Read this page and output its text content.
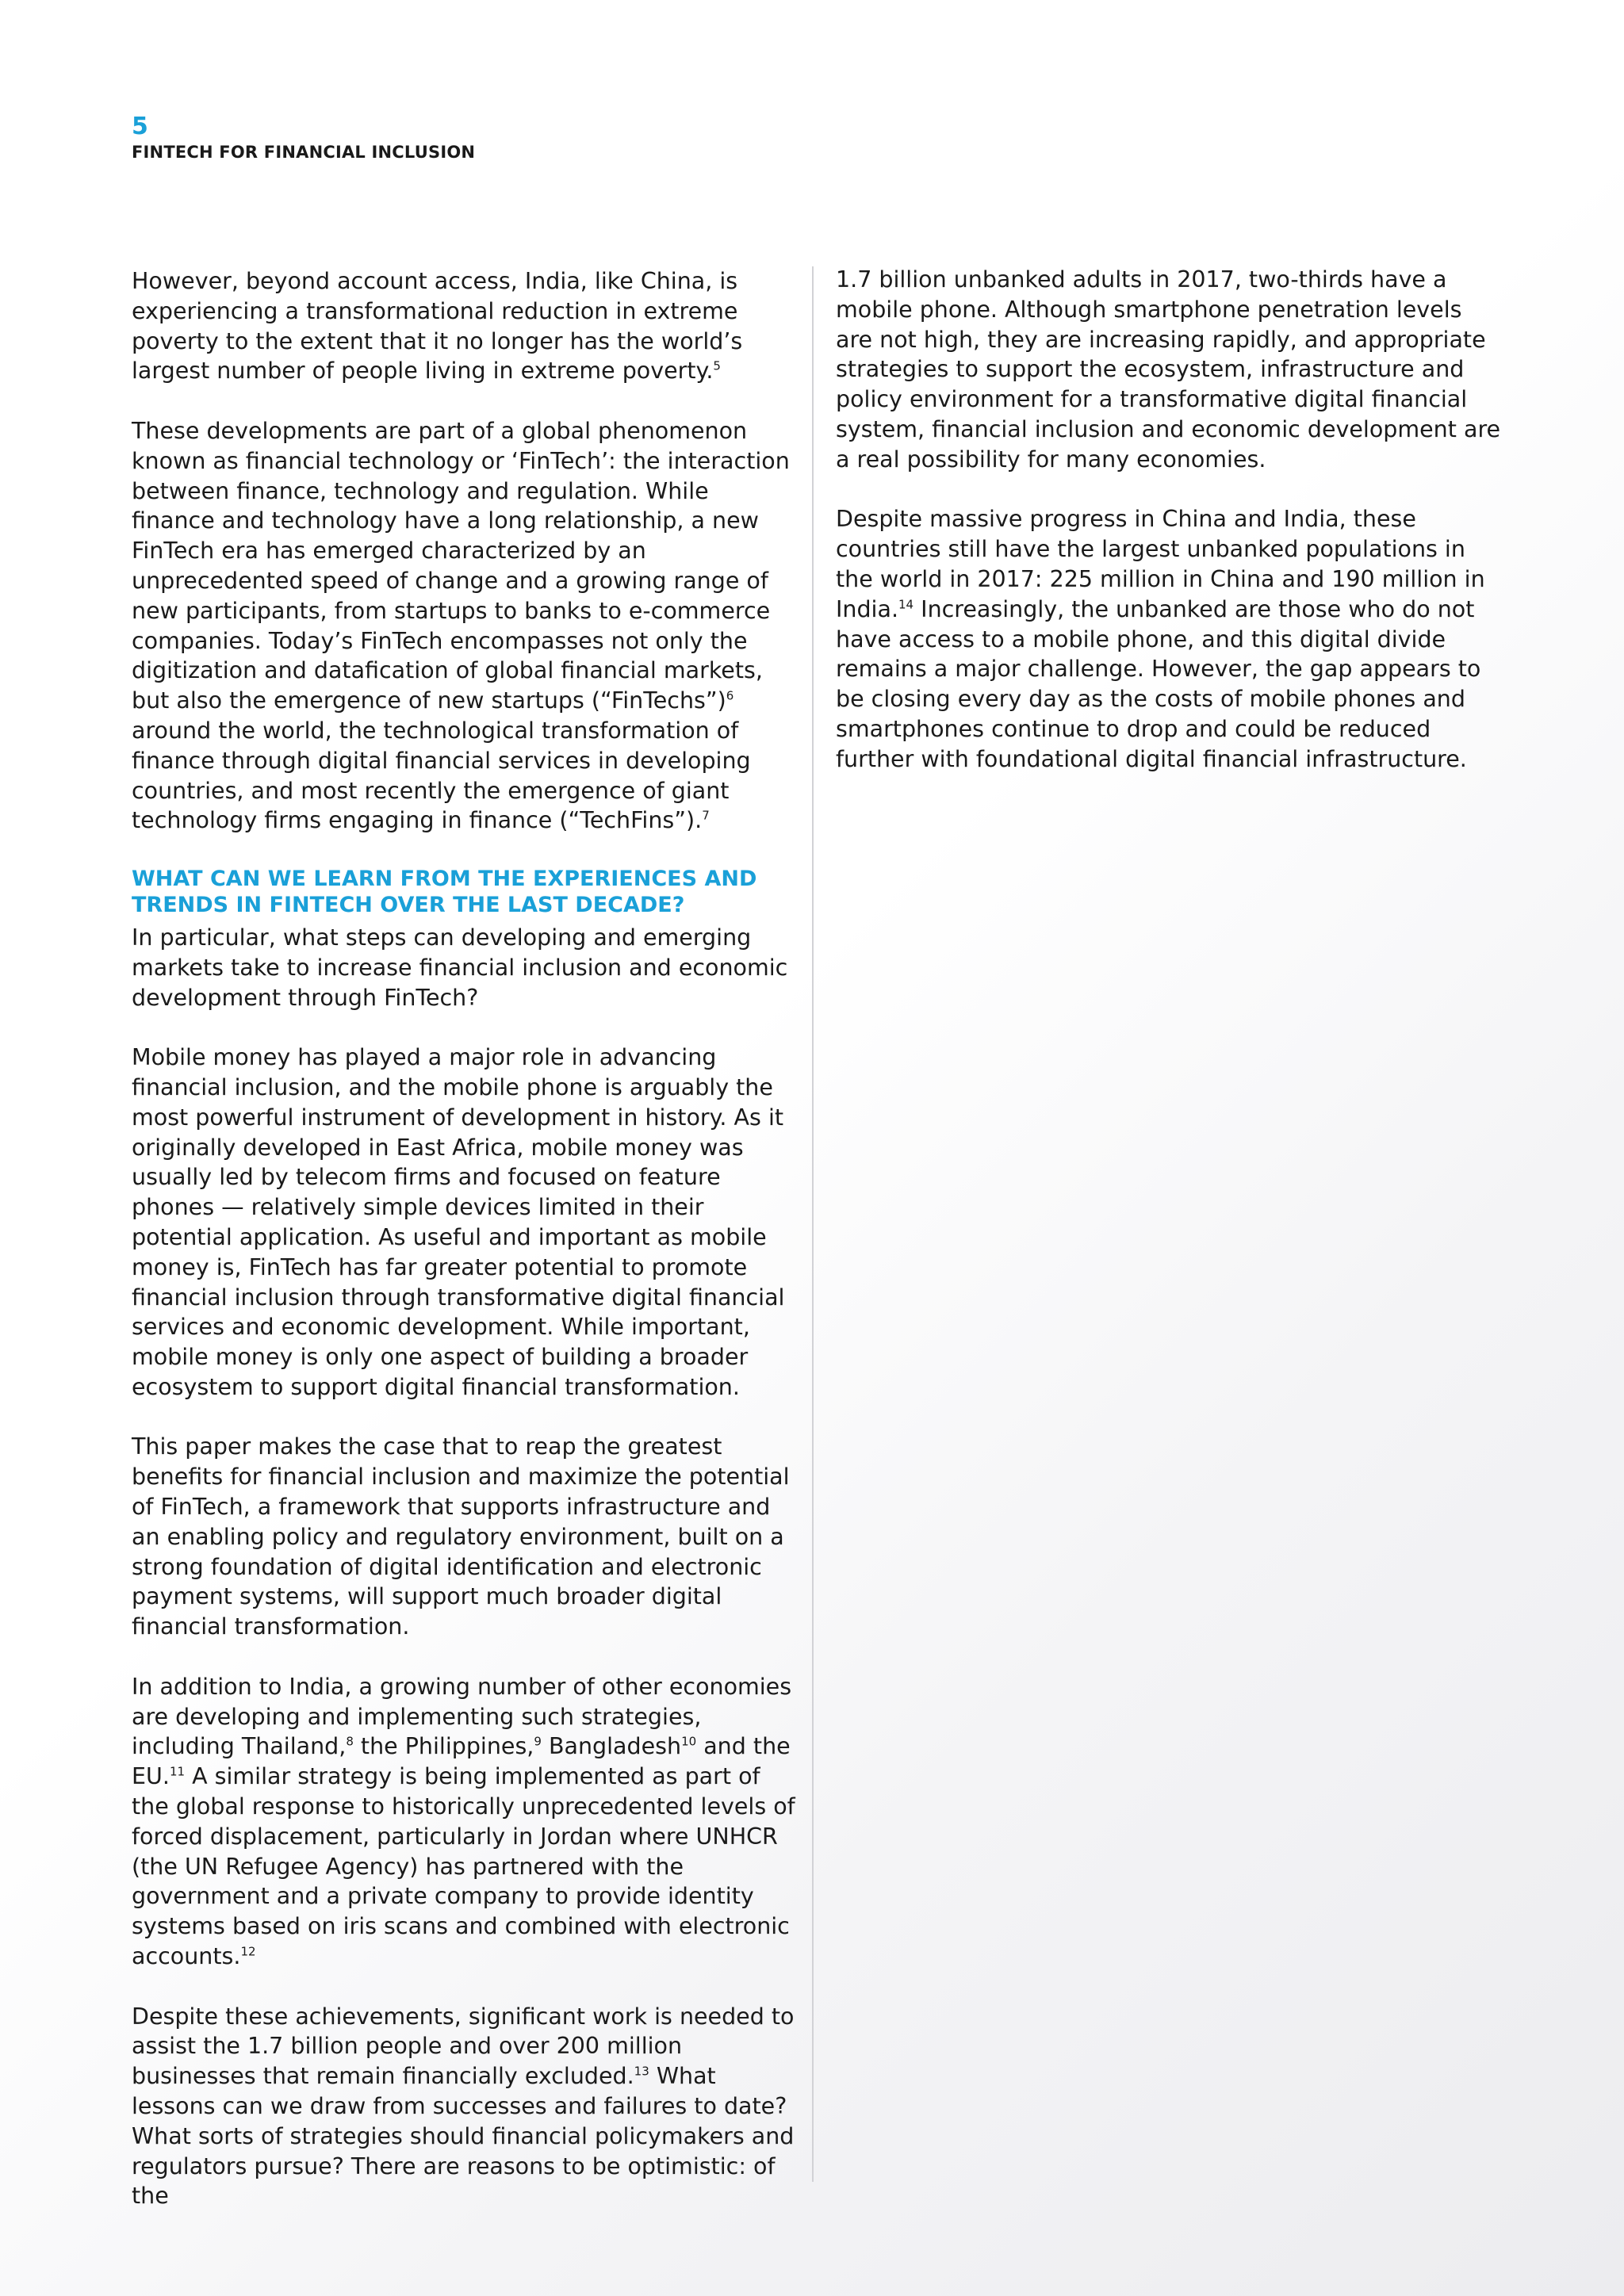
5
FINTECH FOR FINANCIAL INCLUSION

However, beyond account access, India, like China, is experiencing a transformational reduction in extreme poverty to the extent that it no longer has the world’s largest number of people living in extreme poverty.$^5$

These developments are part of a global phenomenon known as financial technology or ‘FinTech’: the interaction between finance, technology and regulation. While finance and technology have a long relationship, a new FinTech era has emerged characterized by an unprecedented speed of change and a growing range of new participants, from startups to banks to e-commerce companies. Today’s FinTech encompasses not only the digitization and datafication of global financial markets, but also the emergence of new startups (“FinTechs”)$^6$ around the world, the technological transformation of finance through digital financial services in developing countries, and most recently the emergence of giant technology firms engaging in finance (“TechFins”).$^7$

WHAT CAN WE LEARN FROM THE EXPERIENCES AND TRENDS IN FINTECH OVER THE LAST DECADE?

In particular, what steps can developing and emerging markets take to increase financial inclusion and economic development through FinTech?

Mobile money has played a major role in advancing financial inclusion, and the mobile phone is arguably the most powerful instrument of development in history. As it originally developed in East Africa, mobile money was usually led by telecom firms and focused on feature phones — relatively simple devices limited in their potential application. As useful and important as mobile money is, FinTech has far greater potential to promote financial inclusion through transformative digital financial services and economic development. While important, mobile money is only one aspect of building a broader ecosystem to support digital financial transformation.

This paper makes the case that to reap the greatest benefits for financial inclusion and maximize the potential of FinTech, a framework that supports infrastructure and an enabling policy and regulatory environment, built on a strong foundation of digital identification and electronic payment systems, will support much broader digital financial transformation.

In addition to India, a growing number of other economies are developing and implementing such strategies, including Thailand,$^8$ the Philippines,$^9$ Bangladesh$^{10}$ and the EU.$^{11}$ A similar strategy is being implemented as part of the global response to historically unprecedented levels of forced displacement, particularly in Jordan where UNHCR (the UN Refugee Agency) has partnered with the government and a private company to provide identity systems based on iris scans and combined with electronic accounts.$^{12}$

Despite these achievements, significant work is needed to assist the 1.7 billion people and over 200 million businesses that remain financially excluded.$^{13}$ What lessons can we draw from successes and failures to date? What sorts of strategies should financial policymakers and regulators pursue? There are reasons to be optimistic: of the

1.7 billion unbanked adults in 2017, two-thirds have a mobile phone. Although smartphone penetration levels are not high, they are increasing rapidly, and appropriate strategies to support the ecosystem, infrastructure and policy environment for a transformative digital financial system, financial inclusion and economic development are a real possibility for many economies.

Despite massive progress in China and India, these countries still have the largest unbanked populations in the world in 2017: 225 million in China and 190 million in India.$^{14}$ Increasingly, the unbanked are those who do not have access to a mobile phone, and this digital divide remains a major challenge. However, the gap appears to be closing every day as the costs of mobile phones and smartphones continue to drop and could be reduced further with foundational digital financial infrastructure.
